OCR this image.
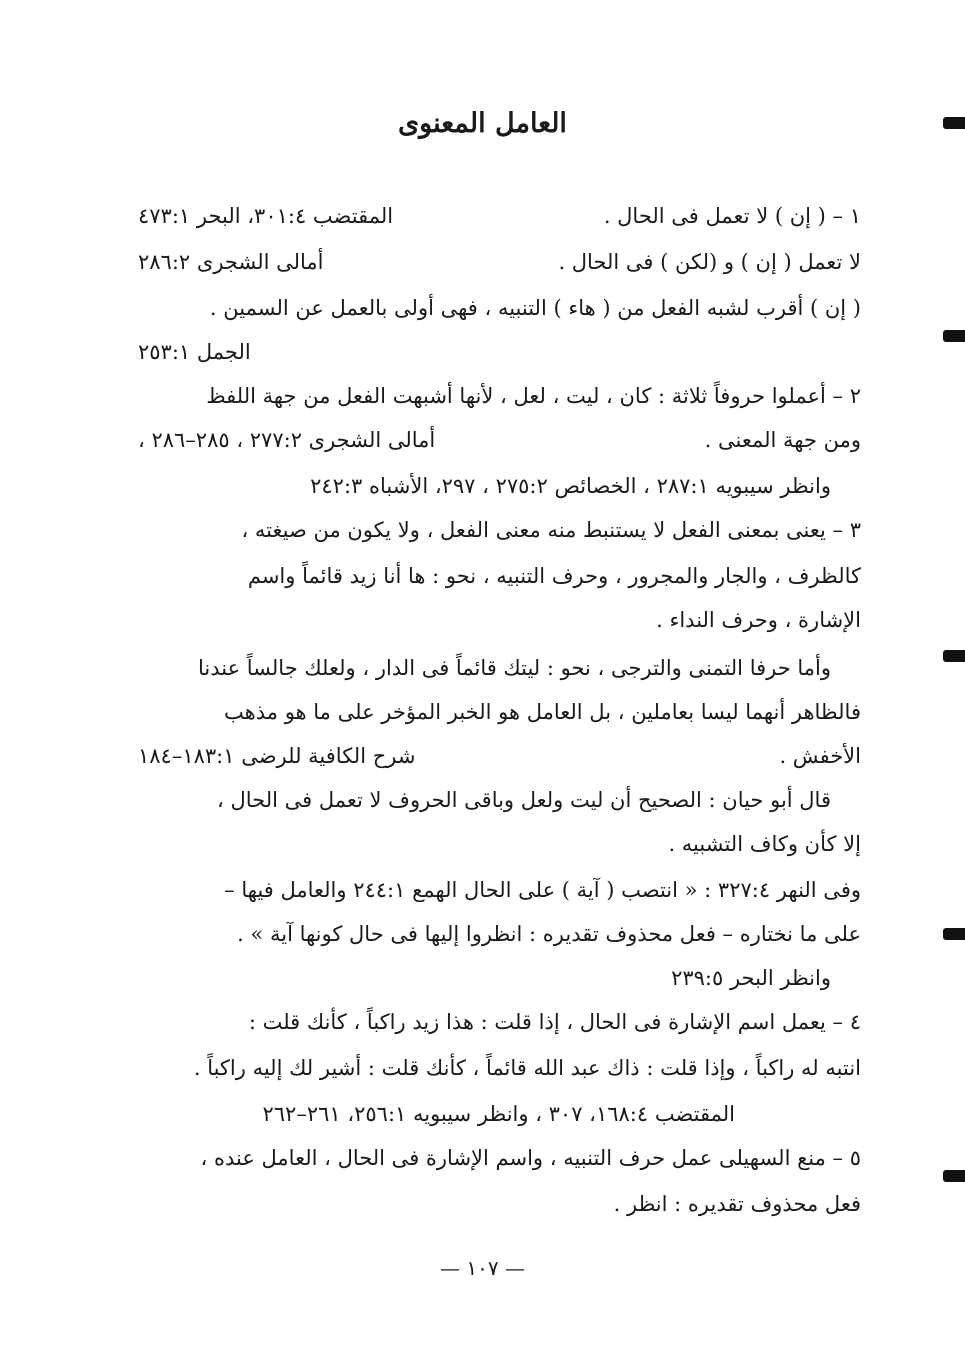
العامل المعنوى
١ – ( إن ) لا تعمل فى الحال .
المقتضب ٣٠١:٤، البحر ٤٧٣:١
لا تعمل ( إن ) و (لكن ) فى الحال .
أمالى الشجرى ٢٨٦:٢
( إن ) أقرب لشبه الفعل من ( هاء ) التنبيه ، فهى أولى بالعمل عن السمين .
الجمل ٢٥٣:١
٢ – أعملوا حروفاً ثلاثة : كان ، ليت ، لعل ، لأنها أشبهت الفعل من جهة اللفظ
ومن جهة المعنى .
أمالى الشجرى ٢٧٧:٢ ، ٢٨٥–٢٨٦ ،
وانظر سيبويه ٢٨٧:١ ، الخصائص ٢٧٥:٢ ، ٢٩٧، الأشباه ٢٤٢:٣
٣ – يعنى بمعنى الفعل لا يستنبط منه معنى الفعل ، ولا يكون من صيغته ،
كالظرف ، والجار والمجرور ، وحرف التنبيه ، نحو : ها أنا زيد قائماً واسم
الإشارة ، وحرف النداء .
وأما حرفا التمنى والترجى ، نحو : ليتك قائماً فى الدار ، ولعلك جالساً عندنا
فالظاهر أنهما ليسا بعاملين ، بل العامل هو الخبر المؤخر على ما هو مذهب
الأخفش .
شرح الكافية للرضى ١٨٣:١–١٨٤
قال أبو حيان : الصحيح أن ليت ولعل وباقى الحروف لا تعمل فى الحال ،
إلا كأن وكاف التشبيه .
وفى النهر ٣٢٧:٤ : « انتصب ( آية ) على الحال الهمع ٢٤٤:١ والعامل فيها –
على ما نختاره – فعل محذوف تقديره : انظروا إليها فى حال كونها آية » .
وانظر البحر ٢٣٩:٥
٤ – يعمل اسم الإشارة فى الحال ، إذا قلت : هذا زيد راكباً ، كأنك قلت :
انتبه له راكباً ، وإذا قلت : ذاك عبد الله قائماً ، كأنك قلت : أشير لك إليه راكباً .
المقتضب ١٦٨:٤، ٣٠٧ ، وانظر سيبويه ٢٥٦:١، ٢٦١–٢٦٢
٥ – منع السهيلى عمل حرف التنبيه ، واسم الإشارة فى الحال ، العامل عنده ،
فعل محذوف تقديره : انظر .
— ١٠٧ —
